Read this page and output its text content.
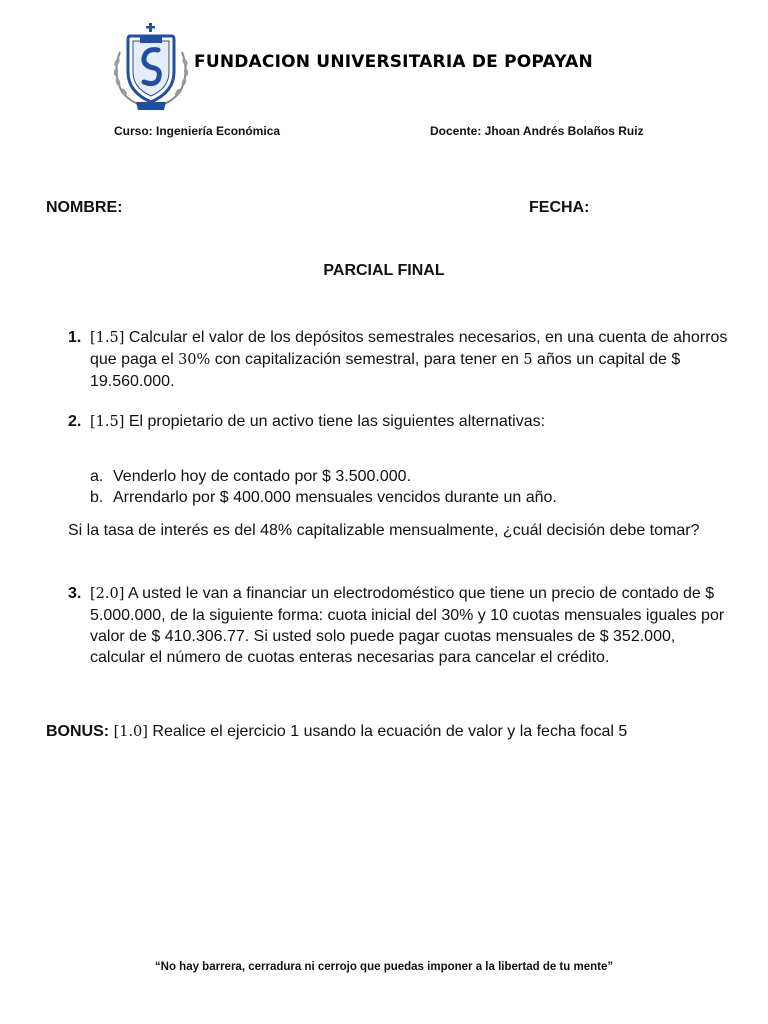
FUNDACION UNIVERSITARIA DE POPAYAN
Curso: Ingeniería Económica	Docente: Jhoan Andrés Bolaños Ruiz
NOMBRE:	FECHA:
PARCIAL FINAL
1. [1.5] Calcular el valor de los depósitos semestrales necesarios, en una cuenta de ahorros que paga el 30% con capitalización semestral, para tener en 5 años un capital de $ 19.560.000.
2. [1.5] El propietario de un activo tiene las siguientes alternativas:
a. Venderlo hoy de contado por $ 3.500.000.
b. Arrendarlo por $ 400.000 mensuales vencidos durante un año.
Si la tasa de interés es del 48% capitalizable mensualmente, ¿cuál decisión debe tomar?
3. [2.0] A usted le van a financiar un electrodoméstico que tiene un precio de contado de $ 5.000.000, de la siguiente forma: cuota inicial del 30% y 10 cuotas mensuales iguales por valor de $ 410.306.77. Si usted solo puede pagar cuotas mensuales de $ 352.000, calcular el número de cuotas enteras necesarias para cancelar el crédito.
BONUS: [1.0] Realice el ejercicio 1 usando la ecuación de valor y la fecha focal 5
“No hay barrera, cerradura ni cerrojo que puedas imponer a la libertad de tu mente”
